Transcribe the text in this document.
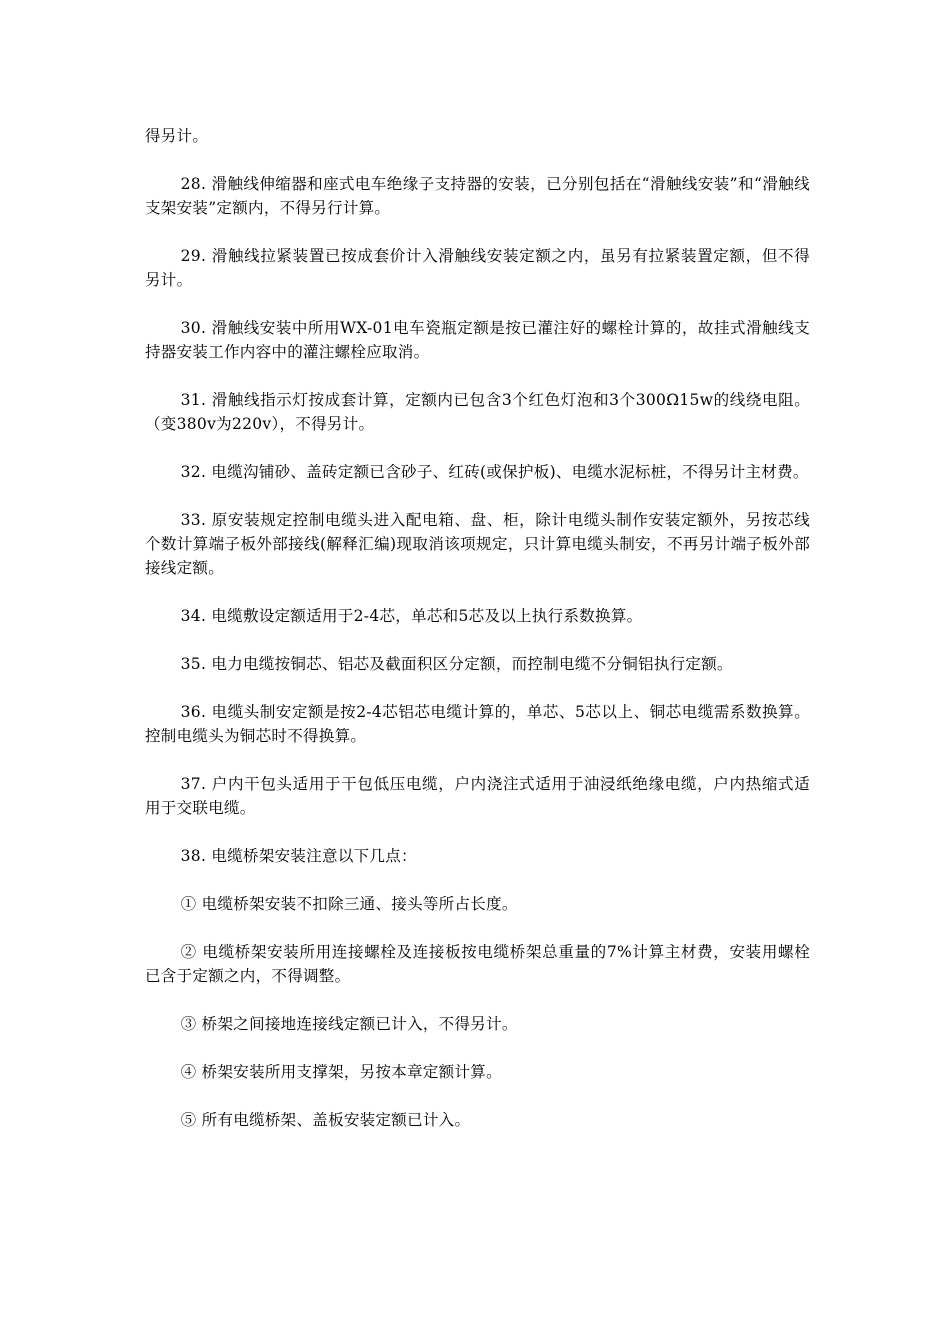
得另计。

28. 滑触线伸缩器和座式电车绝缘子支持器的安装，已分别包括在“滑触线安装”和“滑触线支架安装”定额内，不得另行计算。

29. 滑触线拉紧装置已按成套价计入滑触线安装定额之内，虽另有拉紧装置定额，但不得另计。

30. 滑触线安装中所用WX-01电车瓷瓶定额是按已灌注好的螺栓计算的，故挂式滑触线支持器安装工作内容中的灌注螺栓应取消。

31. 滑触线指示灯按成套计算，定额内已包含3个红色灯泡和3个300Ω15w的线绕电阻。（变380v为220v），不得另计。

32. 电缆沟铺砂、盖砖定额已含砂子、红砖(或保护板)、电缆水泥标桩，不得另计主材费。

33. 原安装规定控制电缆头进入配电箱、盘、柜，除计电缆头制作安装定额外，另按芯线个数计算端子板外部接线(解释汇编)现取消该项规定，只计算电缆头制安，不再另计端子板外部接线定额。

34. 电缆敷设定额适用于2-4芯，单芯和5芯及以上执行系数换算。

35. 电力电缆按铜芯、铝芯及截面积区分定额，而控制电缆不分铜铝执行定额。

36. 电缆头制安定额是按2-4芯铝芯电缆计算的，单芯、5芯以上、铜芯电缆需系数换算。控制电缆头为铜芯时不得换算。

37. 户内干包头适用于干包低压电缆，户内浇注式适用于油浸纸绝缘电缆，户内热缩式适用于交联电缆。

38. 电缆桥架安装注意以下几点：

① 电缆桥架安装不扣除三通、接头等所占长度。

② 电缆桥架安装所用连接螺栓及连接板按电缆桥架总重量的7%计算主材费，安装用螺栓已含于定额之内，不得调整。

③ 桥架之间接地连接线定额已计入，不得另计。

④ 桥架安装所用支撑架，另按本章定额计算。

⑤ 所有电缆桥架、盖板安装定额已计入。
